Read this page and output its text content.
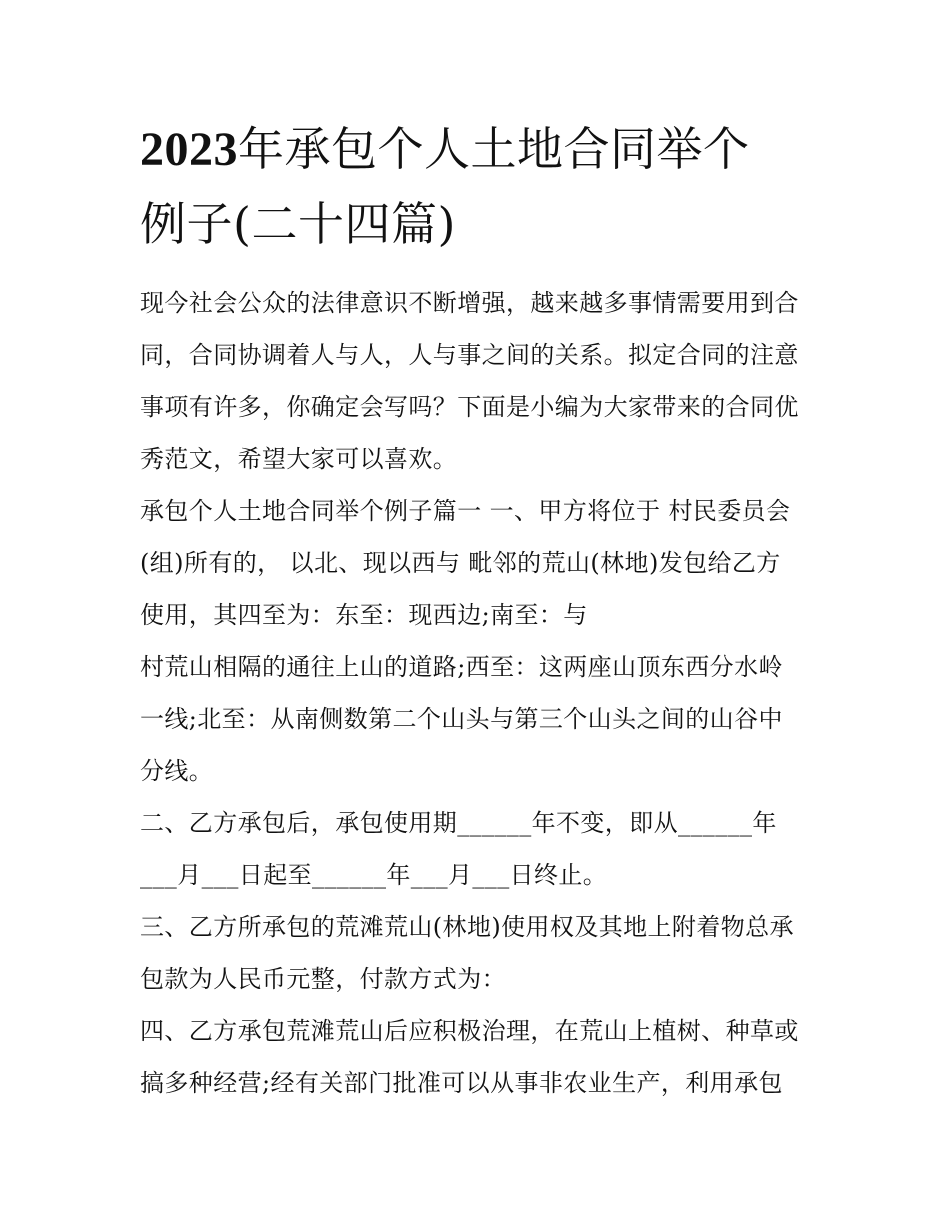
2023年承包个人土地合同举个
例子(二十四篇)
现今社会公众的法律意识不断增强，越来越多事情需要用到合
同，合同协调着人与人，人与事之间的关系。拟定合同的注意
事项有许多，你确定会写吗？下面是小编为大家带来的合同优
秀范文，希望大家可以喜欢。
承包个人土地合同举个例子篇一 一、甲方将位于 村民委员会
(组)所有的， 以北、现以西与 毗邻的荒山(林地)发包给乙方
使用，其四至为：东至：现西边;南至：与
村荒山相隔的通往上山的道路;西至：这两座山顶东西分水岭
一线;北至：从南侧数第二个山头与第三个山头之间的山谷中
分线。
二、乙方承包后，承包使用期______年不变，即从______年
___月___日起至______年___月___日终止。
三、乙方所承包的荒滩荒山(林地)使用权及其地上附着物总承
包款为人民币元整，付款方式为：
四、乙方承包荒滩荒山后应积极治理，在荒山上植树、种草或
搞多种经营;经有关部门批准可以从事非农业生产，利用承包
